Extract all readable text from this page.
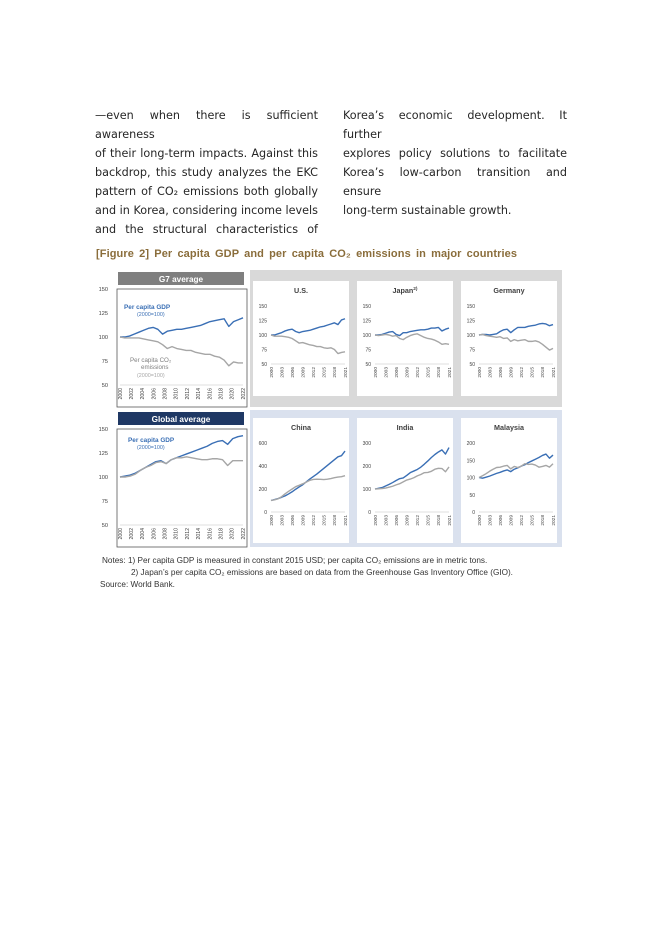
—even when there is sufficient awareness
of their long-term impacts. Against this
backdrop, this study analyzes the EKC
pattern of CO₂ emissions both globally
and in Korea, considering income levels
and the structural characteristics of
Korea’s economic development. It further
explores policy solutions to facilitate
Korea’s low-carbon transition and ensure
long-term sustainable growth.
[Figure 2] Per capita GDP and per capita CO₂ emissions in major countries
G7 average
50
75
100
125
150
2000 2002 2004 2006 2008 2010 2012 2014 2016 2018 2020 2022
Per capita GDP
(2000=100)
Per capita CO₂
emissions
(2000=100)
U.S.
50
75
100
125
150
2000 2003 2006 2009 2012 2015 2018 2021
Japan$^{2)}$
50
75
100
125
150
2000 2003 2006 2009 2012 2015 2018 2021
Germany
50
75
100
125
150
2000 2003 2006 2009 2012 2015 2018 2021
Global average
50
75
100
125
150
2000 2002 2004 2006 2008 2010 2012 2014 2016 2018 2020 2022
Per capita GDP
(2000=100)
China
0
200
400
600
2000 2003 2006 2009 2012 2015 2018 2021
India
0
100
200
300
2000 2003 2006 2009 2012 2015 2018 2021
Malaysia
0
50
100
150
200
2000 2003 2006 2009 2012 2015 2018 2021
Notes: 1) Per capita GDP is measured in constant 2015 USD; per capita CO₂ emissions are in metric tons.
2) Japan’s per capita CO₂ emissions are based on data from the Greenhouse Gas Inventory Office (GIO).
Source: World Bank.
